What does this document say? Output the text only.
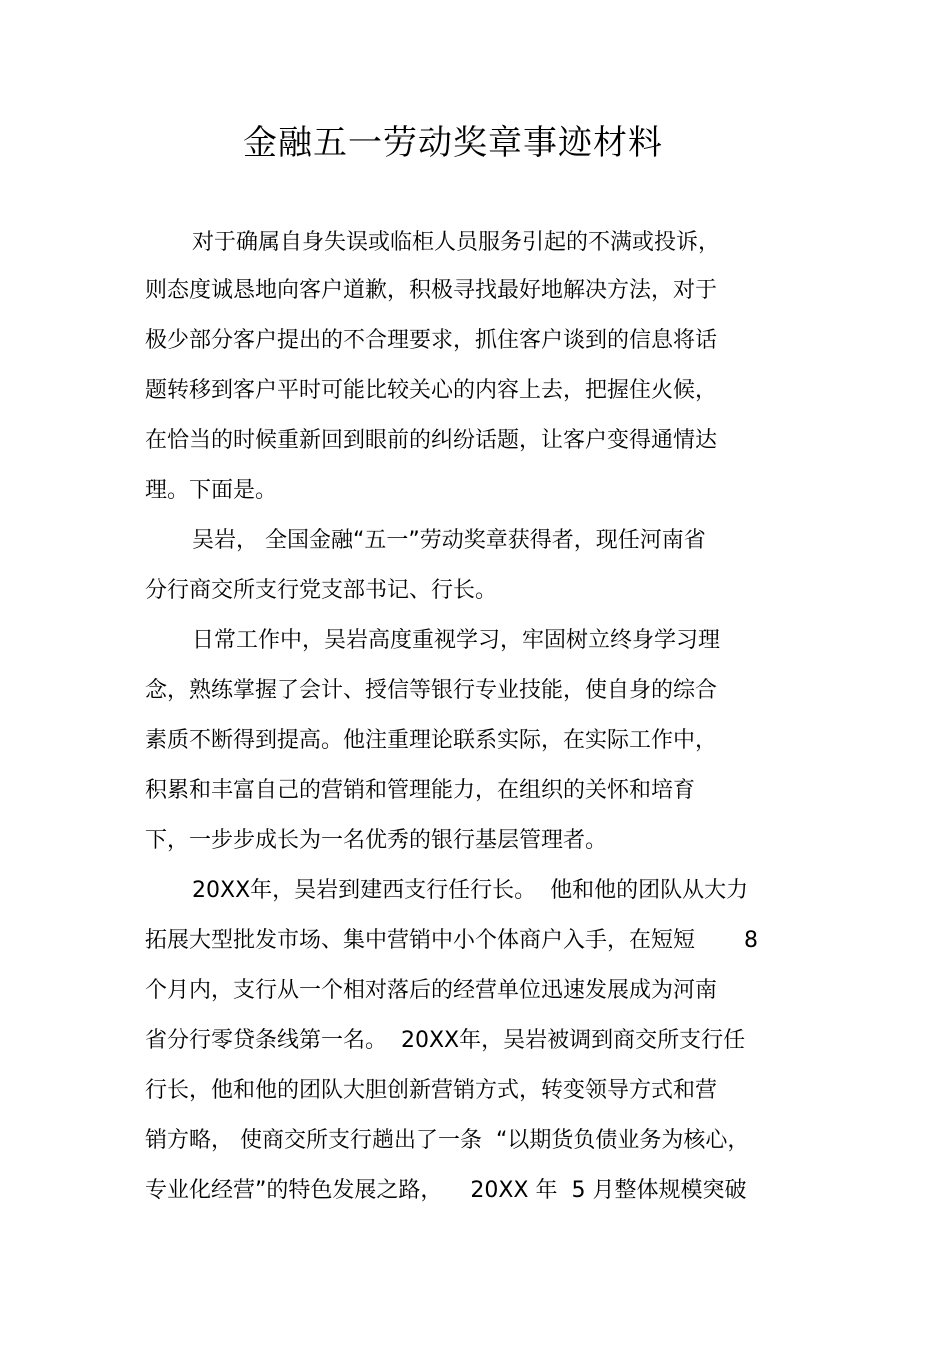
金融五一劳动奖章事迹材料
对于确属自身失误或临柜人员服务引起的不满或投诉，
则态度诚恳地向客户道歉，积极寻找最好地解决方法，对于
极少部分客户提出的不合理要求，抓住客户谈到的信息将话
题转移到客户平时可能比较关心的内容上去，把握住火候，
在恰当的时候重新回到眼前的纠纷话题，让客户变得通情达
理。下面是。
吴岩， 全国金融“五一”劳动奖章获得者，现任河南省
分行商交所支行党支部书记、行长。
日常工作中，吴岩高度重视学习，牢固树立终身学习理
念，熟练掌握了会计、授信等银行专业技能，使自身的综合
素质不断得到提高。他注重理论联系实际，在实际工作中，
积累和丰富自己的营销和管理能力，在组织的关怀和培育
下，一步步成长为一名优秀的银行基层管理者。
20XX年，吴岩到建西支行任行长。  他和他的团队从大力
拓展大型批发市场、集中营销中小个体商户入手，在短短       8
个月内，支行从一个相对落后的经营单位迅速发展成为河南
省分行零贷条线第一名。  20XX年，吴岩被调到商交所支行任
行长，他和他的团队大胆创新营销方式，转变领导方式和营
销方略， 使商交所支行趟出了一条  “以期货负债业务为核心，
专业化经营”的特色发展之路，    20XX 年  5 月整体规模突破
